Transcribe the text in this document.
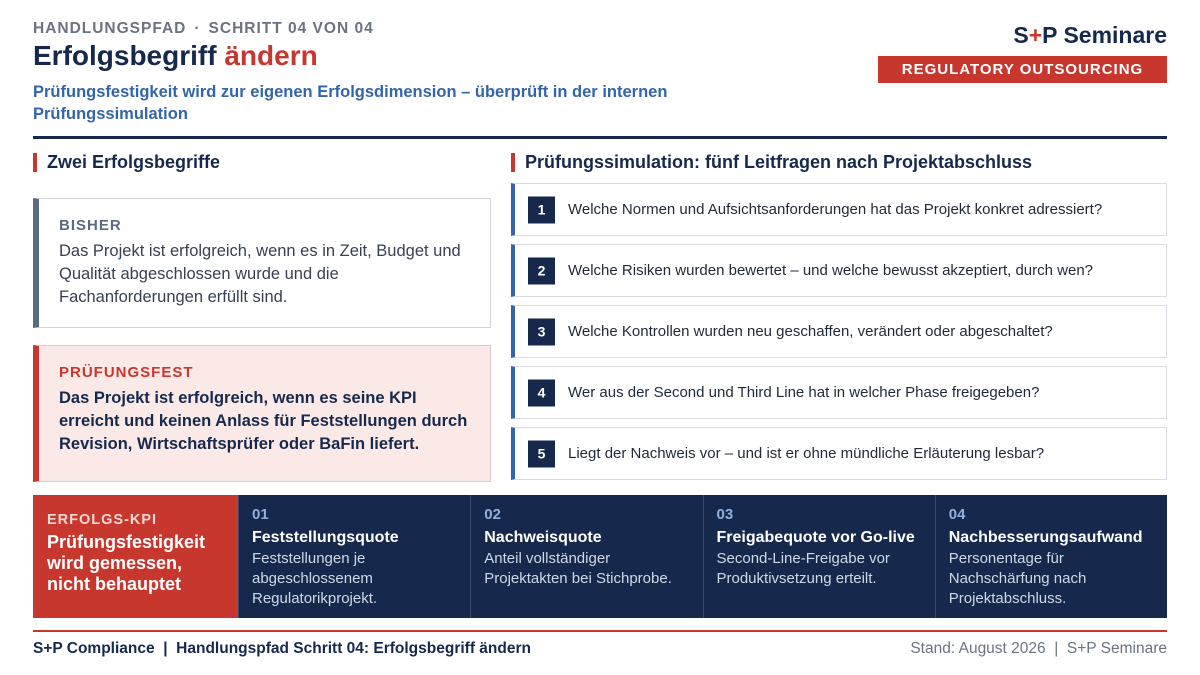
HANDLUNGSPFAD · SCHRITT 04 VON 04
Erfolgsbegriff ändern
Prüfungsfestigkeit wird zur eigenen Erfolgsdimension – überprüft in der internen Prüfungssimulation
S+P Seminare
REGULATORY OUTSOURCING
Zwei Erfolgsbegriffe
BISHER
Das Projekt ist erfolgreich, wenn es in Zeit, Budget und Qualität abgeschlossen wurde und die Fachanforderungen erfüllt sind.
PRÜFUNGSFEST
Das Projekt ist erfolgreich, wenn es seine KPI erreicht und keinen Anlass für Feststellungen durch Revision, Wirtschaftsprüfer oder BaFin liefert.
Prüfungssimulation: fünf Leitfragen nach Projektabschluss
1	Welche Normen und Aufsichtsanforderungen hat das Projekt konkret adressiert?
2	Welche Risiken wurden bewertet – und welche bewusst akzeptiert, durch wen?
3	Welche Kontrollen wurden neu geschaffen, verändert oder abgeschaltet?
4	Wer aus der Second und Third Line hat in welcher Phase freigegeben?
5	Liegt der Nachweis vor – und ist er ohne mündliche Erläuterung lesbar?
ERFOLGS-KPI
Prüfungsfestigkeit wird gemessen, nicht behauptet
01
Feststellungsquote
Feststellungen je abgeschlossenem Regulatorikprojekt.
02
Nachweisquote
Anteil vollständiger Projektakten bei Stichprobe.
03
Freigabequote vor Go-live
Second-Line-Freigabe vor Produktivsetzung erteilt.
04
Nachbesserungsaufwand
Personentage für Nachschärfung nach Projektabschluss.
S+P Compliance  |  Handlungspfad Schritt 04: Erfolgsbegriff ändern	Stand: August 2026  |  S+P Seminare
